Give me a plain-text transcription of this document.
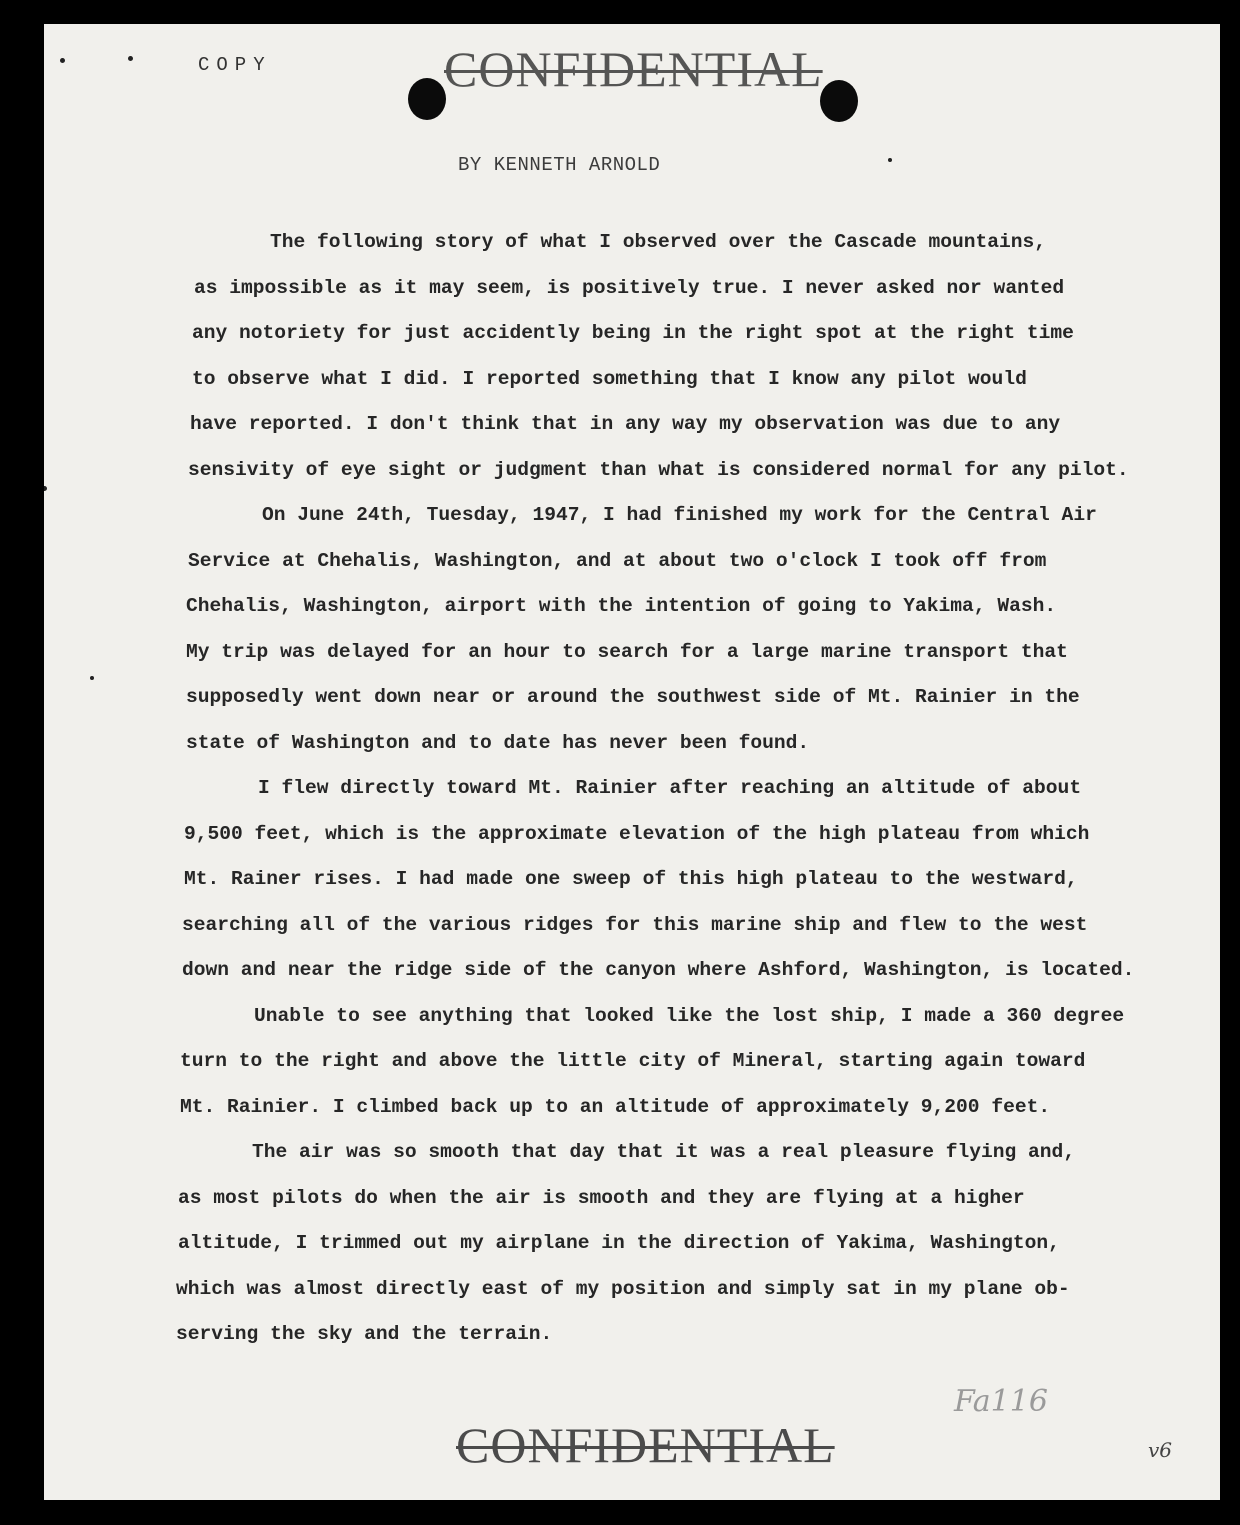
COPY	CONFIDENTIAL
BY KENNETH ARNOLD
The following story of what I observed over the Cascade mountains,
as impossible as it may seem, is positively true. I never asked nor wanted
any notoriety for just accidently being in the right spot at the right time
to observe what I did. I reported something that I know any pilot would
have reported. I don't think that in any way my observation was due to any
sensivity of eye sight or judgment than what is considered normal for any pilot.
On June 24th, Tuesday, 1947, I had finished my work for the Central Air
Service at Chehalis, Washington, and at about two o'clock I took off from
Chehalis, Washington, airport with the intention of going to Yakima, Wash.
My trip was delayed for an hour to search for a large marine transport that
supposedly went down near or around the southwest side of Mt. Rainier in the
state of Washington and to date has never been found.
I flew directly toward Mt. Rainier after reaching an altitude of about
9,500 feet, which is the approximate elevation of the high plateau from which
Mt. Rainer rises. I had made one sweep of this high plateau to the westward,
searching all of the various ridges for this marine ship and flew to the west
down and near the ridge side of the canyon where Ashford, Washington, is located.
Unable to see anything that looked like the lost ship, I made a 360 degree
turn to the right and above the little city of Mineral, starting again toward
Mt. Rainier. I climbed back up to an altitude of approximately 9,200 feet.
The air was so smooth that day that it was a real pleasure flying and,
as most pilots do when the air is smooth and they are flying at a higher
altitude, I trimmed out my airplane in the direction of Yakima, Washington,
which was almost directly east of my position and simply sat in my plane ob-
serving the sky and the terrain.
Fa116
CONFIDENTIAL	v6
